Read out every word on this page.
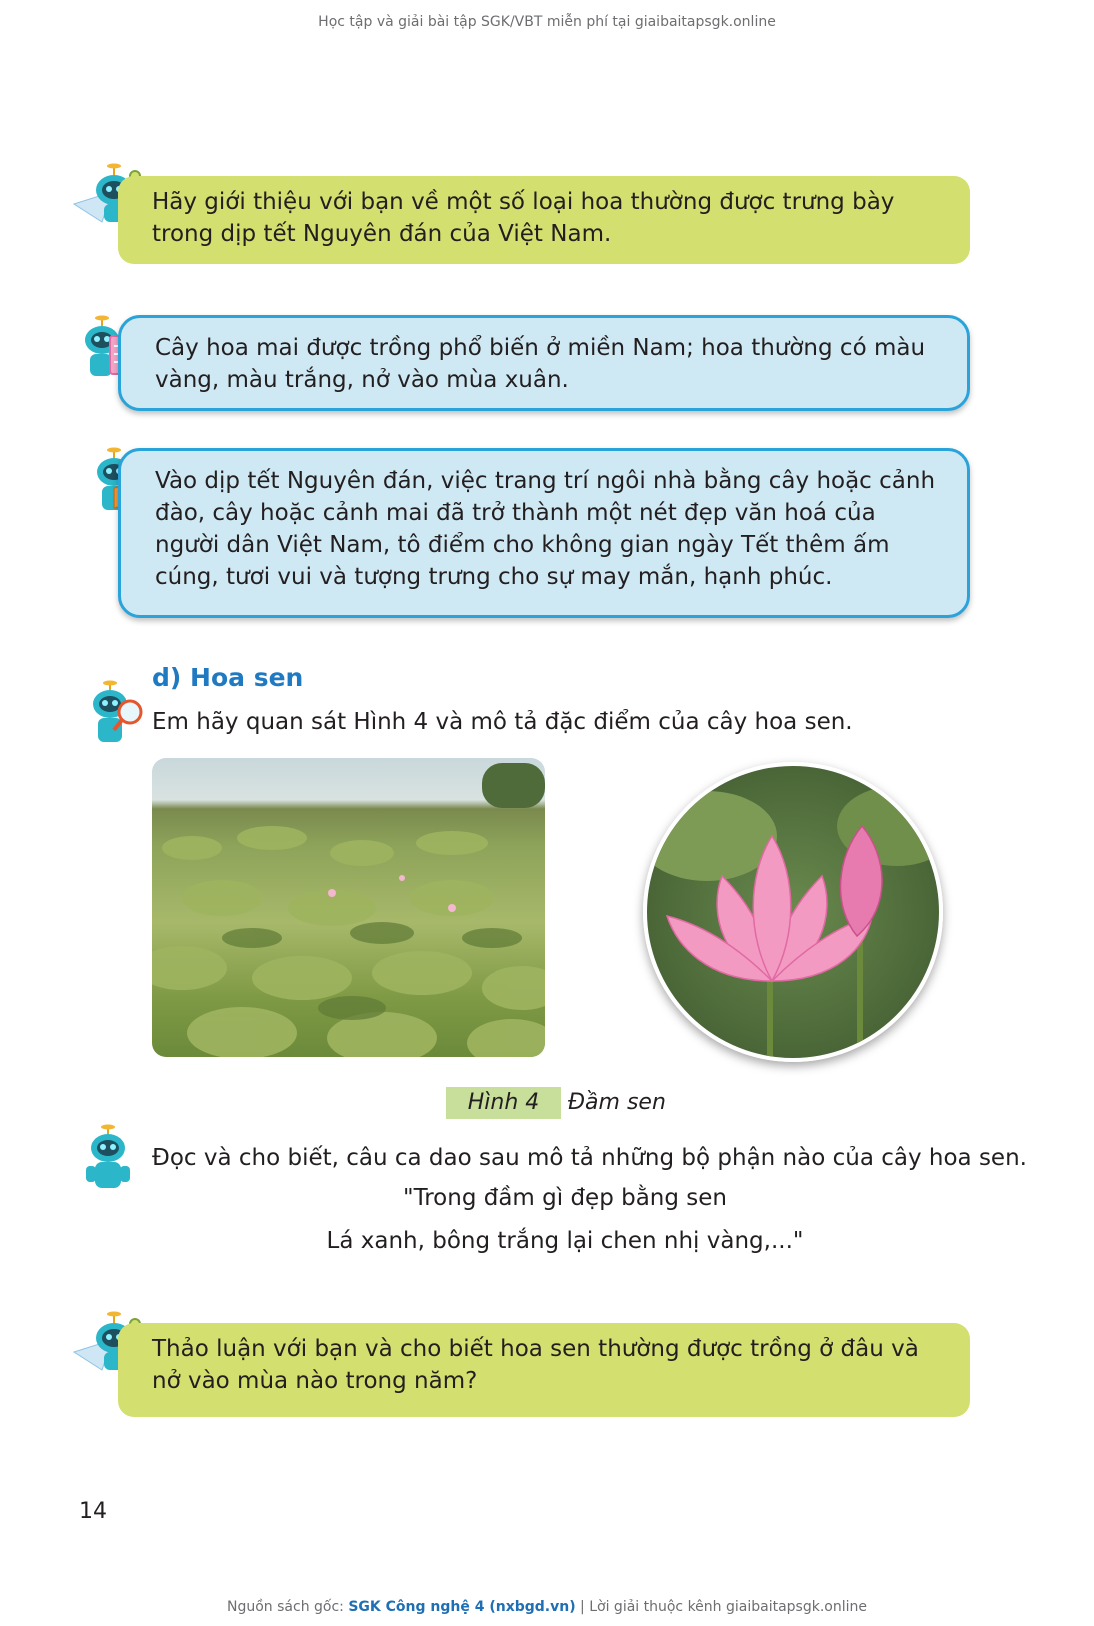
Học tập và giải bài tập SGK/VBT miễn phí tại giaibaitapsgk.online
Hãy giới thiệu với bạn về một số loại hoa thường được trưng bày trong dịp tết Nguyên đán của Việt Nam.
Cây hoa mai được trồng phổ biến ở miền Nam; hoa thường có màu vàng, màu trắng, nở vào mùa xuân.
Vào dịp tết Nguyên đán, việc trang trí ngôi nhà bằng cây hoặc cảnh đào, cây hoặc cảnh mai đã trở thành một nét đẹp văn hoá của người dân Việt Nam, tô điểm cho không gian ngày Tết thêm ấm cúng, tươi vui và tượng trưng cho sự may mắn, hạnh phúc.
d) Hoa sen
Em hãy quan sát Hình 4 và mô tả đặc điểm của cây hoa sen.
Hình 4	Đầm sen
Đọc và cho biết, câu ca dao sau mô tả những bộ phận nào của cây hoa sen.
"Trong đầm gì đẹp bằng sen
Lá xanh, bông trắng lại chen nhị vàng,..."
Thảo luận với bạn và cho biết hoa sen thường được trồng ở đâu và nở vào mùa nào trong năm?
14
Nguồn sách gốc: SGK Công nghệ 4 (nxbgd.vn) | Lời giải thuộc kênh giaibaitapsgk.online
